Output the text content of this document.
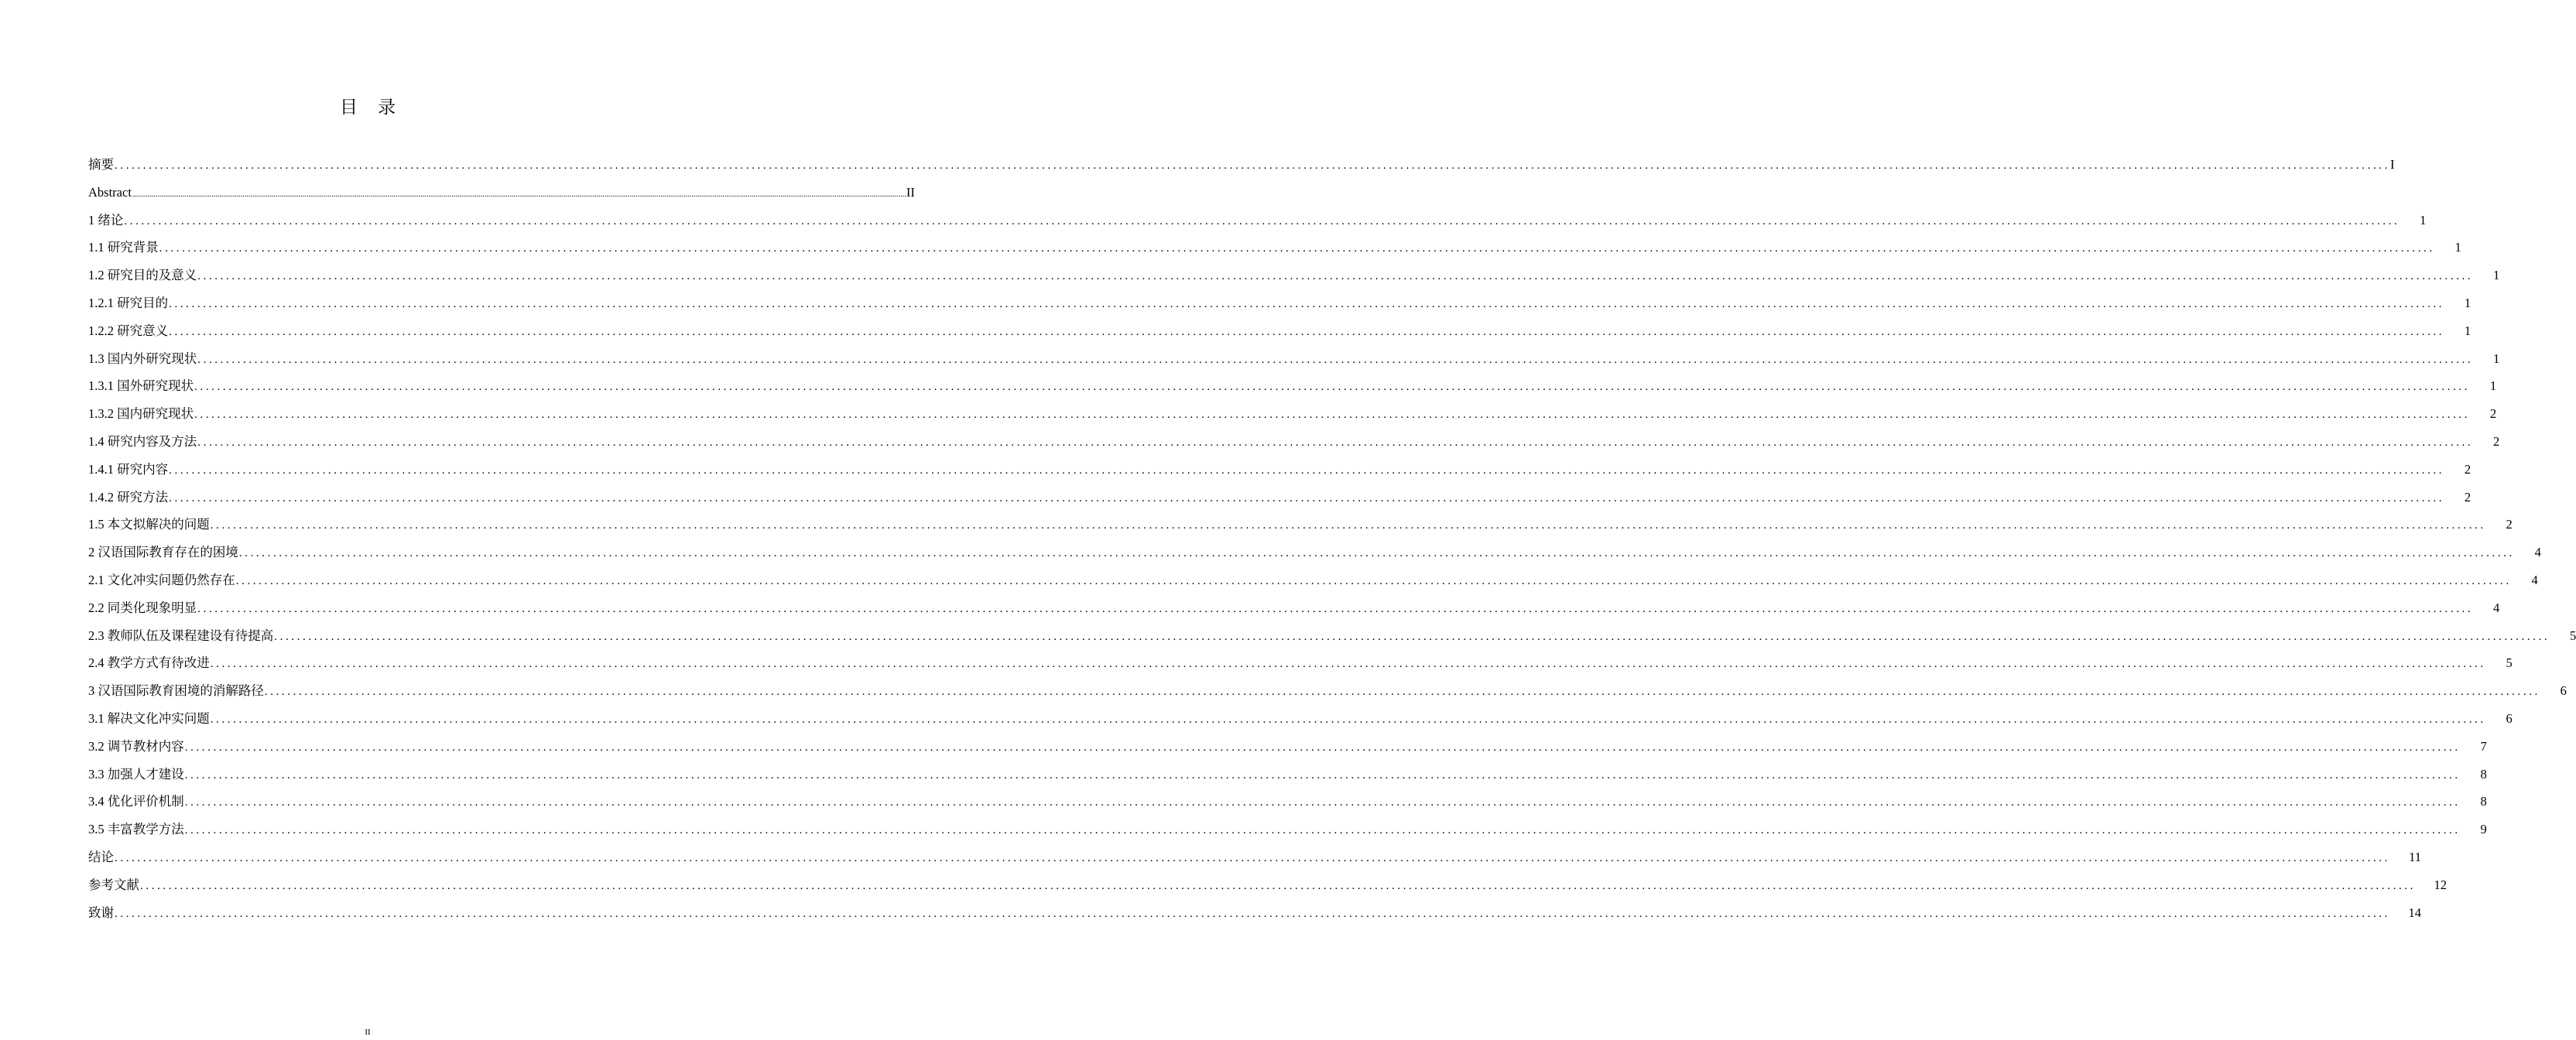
目录
摘要 ................................................................................................................................................................................................................................................................................................................................................................................................................ I
Abstract ................................................................................................................................................................................................................................................................................................................................................................................................................ II
1 绪论 ................................................................................................................................................................................................................................................................................................................................................................................................................	1
1.1 研究背景 ................................................................................................................................................................................................................................................................................................................................................................................................................	1
1.2 研究目的及意义 ................................................................................................................................................................................................................................................................................................................................................................................................................	1
1.2.1 研究目的 ................................................................................................................................................................................................................................................................................................................................................................................................................	1
1.2.2 研究意义 ................................................................................................................................................................................................................................................................................................................................................................................................................	1
1.3 国内外研究现状 ................................................................................................................................................................................................................................................................................................................................................................................................................	1
1.3.1 国外研究现状 ................................................................................................................................................................................................................................................................................................................................................................................................................	1
1.3.2 国内研究现状 ................................................................................................................................................................................................................................................................................................................................................................................................................	2
1.4 研究内容及方法 ................................................................................................................................................................................................................................................................................................................................................................................................................	2
1.4.1 研究内容 ................................................................................................................................................................................................................................................................................................................................................................................................................	2
1.4.2 研究方法 ................................................................................................................................................................................................................................................................................................................................................................................................................	2
1.5 本文拟解决的问题 ................................................................................................................................................................................................................................................................................................................................................................................................................	2
2 汉语国际教育存在的困境 ................................................................................................................................................................................................................................................................................................................................................................................................................	4
2.1 文化冲实问题仍然存在 ................................................................................................................................................................................................................................................................................................................................................................................................................	4
2.2 同类化现象明显 ................................................................................................................................................................................................................................................................................................................................................................................................................	4
2.3 教师队伍及课程建设有待提高 ................................................................................................................................................................................................................................................................................................................................................................................................................	5
2.4 教学方式有待改进 ................................................................................................................................................................................................................................................................................................................................................................................................................	5
3 汉语国际教育困境的消解路径 ................................................................................................................................................................................................................................................................................................................................................................................................................	6
3.1 解决文化冲实问题 ................................................................................................................................................................................................................................................................................................................................................................................................................	6
3.2 调节教材内容 ................................................................................................................................................................................................................................................................................................................................................................................................................	7
3.3 加强人才建设 ................................................................................................................................................................................................................................................................................................................................................................................................................	8
3.4 优化评价机制 ................................................................................................................................................................................................................................................................................................................................................................................................................	8
3.5 丰富教学方法 ................................................................................................................................................................................................................................................................................................................................................................................................................	9
结论 ................................................................................................................................................................................................................................................................................................................................................................................................................	11
参考文献 ................................................................................................................................................................................................................................................................................................................................................................................................................	12
致谢 ................................................................................................................................................................................................................................................................................................................................................................................................................	14
II
